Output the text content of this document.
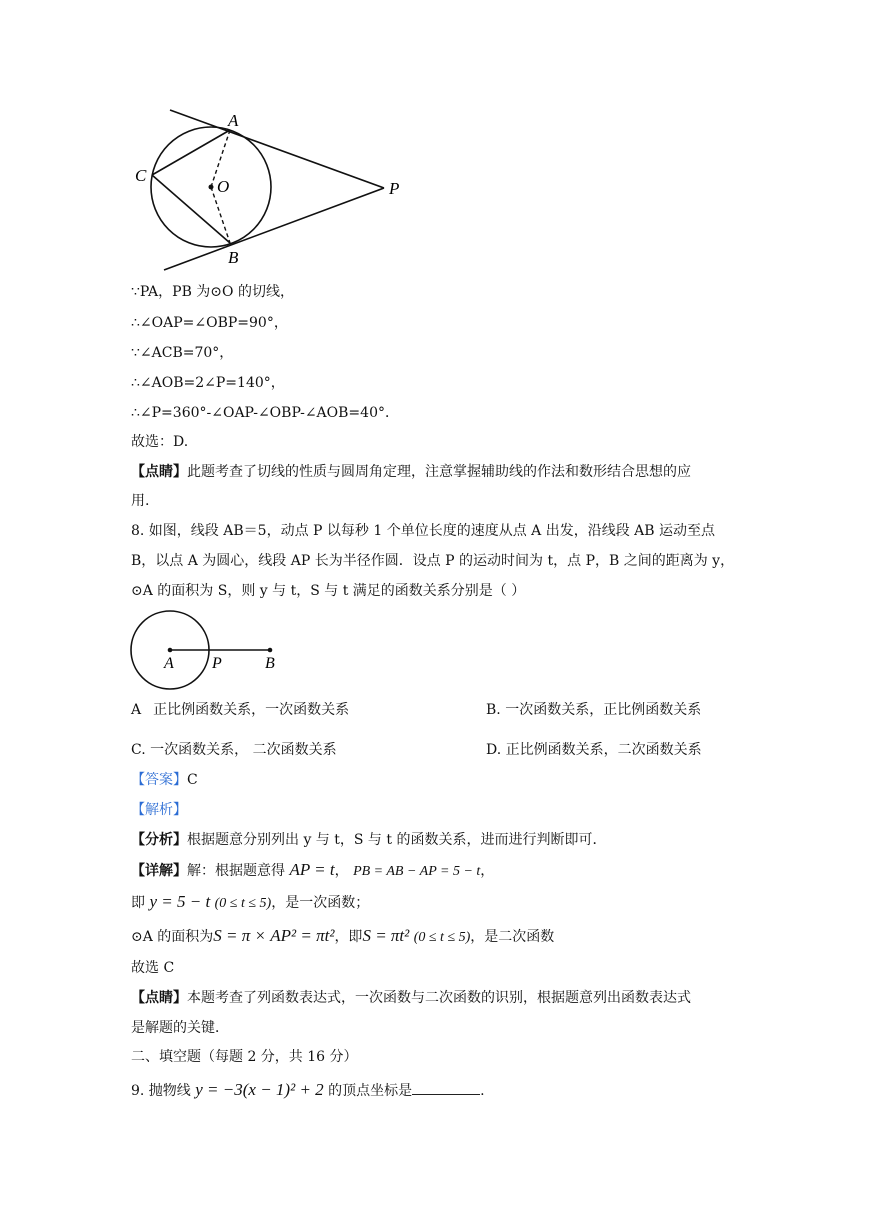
A
B
C
O	P
∵PA，PB 为⊙O 的切线，
∴∠OAP=∠OBP=90°，
∵∠ACB=70°，
∴∠AOB=2∠P=140°，
∴∠P=360°-∠OAP-∠OBP-∠AOB=40°．
故选：D.
【点睛】此题考查了切线的性质与圆周角定理，注意掌握辅助线的作法和数形结合思想的应
用.
8. 如图，线段 AB＝5，动点 P 以每秒 1 个单位长度的速度从点 A 出发，沿线段 AB 运动至点
B，以点 A 为圆心，线段 AP 长为半径作圆．设点 P 的运动时间为 t，点 P，B 之间的距离为 y，
⊙A 的面积为 S，则 y 与 t，S 与 t 满足的函数关系分别是（ ）
A P	B
A 正比例函数关系，一次函数关系	B. 一次函数关系，正比例函数关系
C. 一次函数关系， 二次函数关系	D. 正比例函数关系，二次函数关系
【答案】C
【解析】
【分析】根据题意分别列出 y 与 t，S 与 t 的函数关系，进而进行判断即可．
【详解】解：根据题意得 AP = t， PB = AB − AP = 5 − t，
即 y = 5 − t (0 ≤ t ≤ 5)，是一次函数；
⊙A 的面积为S = π × AP² = πt²，即S = πt² (0 ≤ t ≤ 5)，是二次函数
故选 C
【点睛】本题考查了列函数表达式，一次函数与二次函数的识别，根据题意列出函数表达式
是解题的关键．
二、填空题（每题 2 分，共 16 分）
9. 抛物线 y = −3(x − 1)² + 2 的顶点坐标是	.
